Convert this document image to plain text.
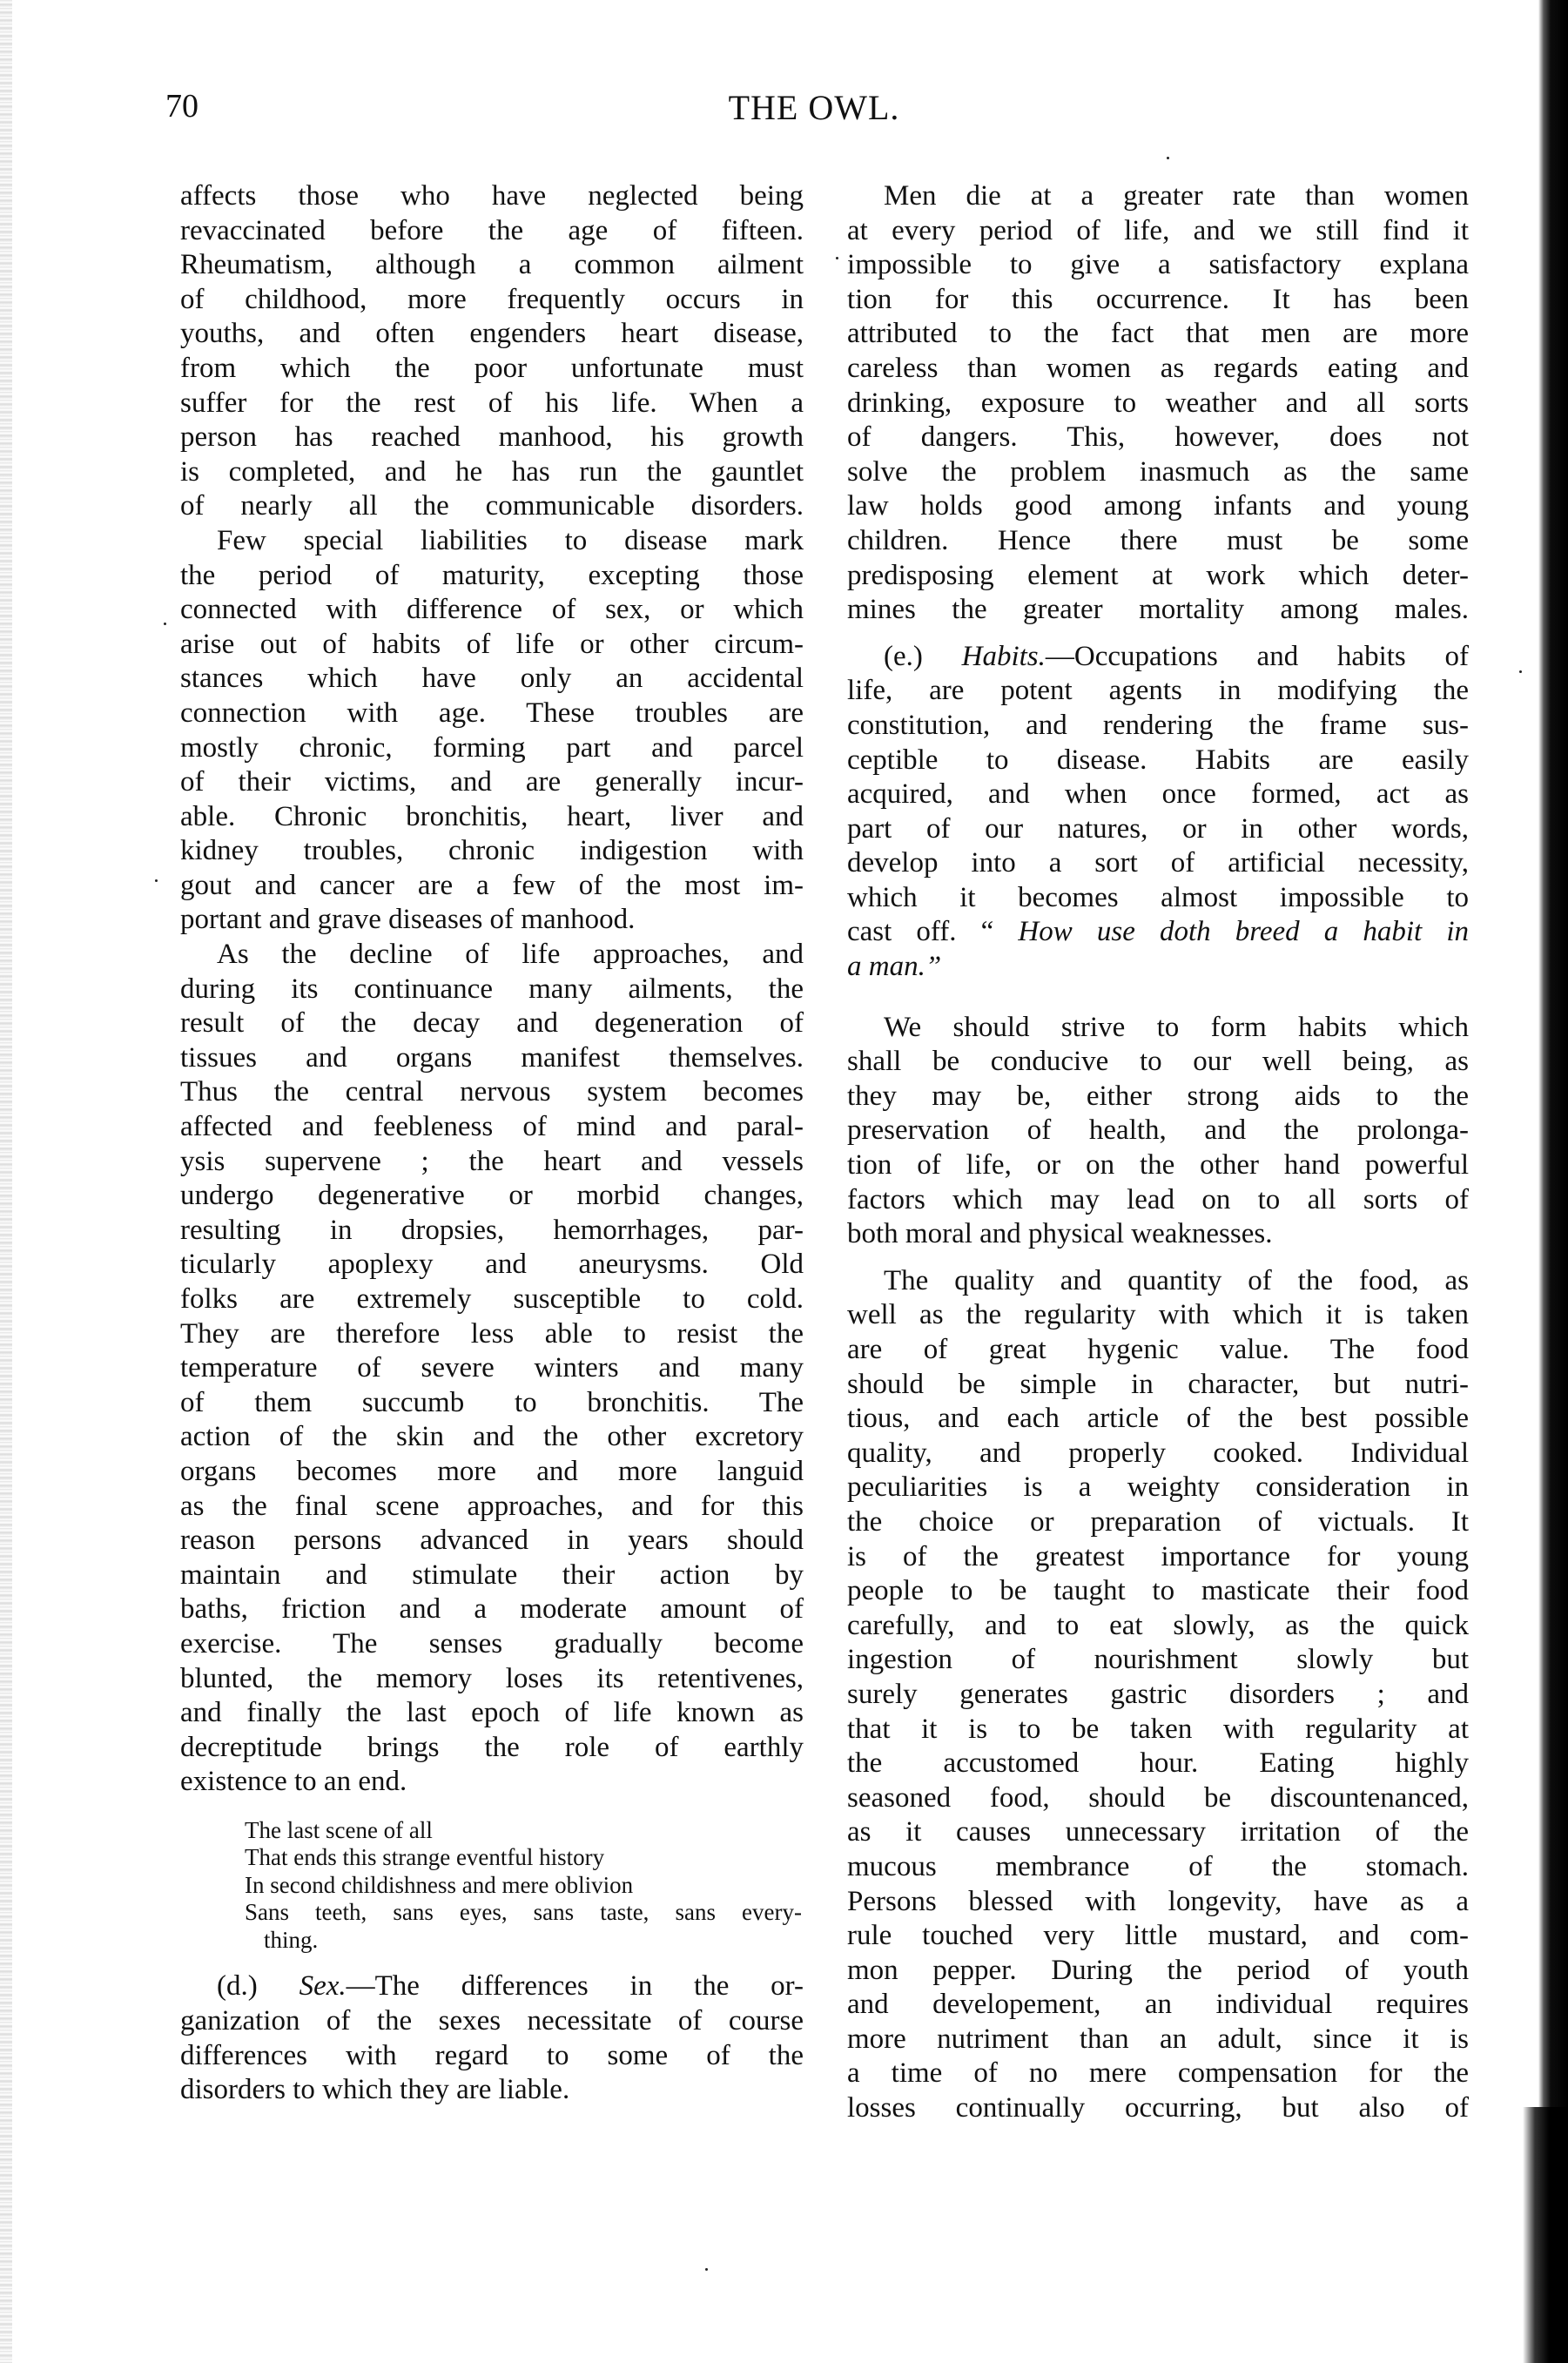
70	THE OWL.
affects those who have neglected being
revaccinated before the age of fifteen.
Rheumatism, although a common ailment
of childhood, more frequently occurs in
youths, and often engenders heart disease,
from which the poor unfortunate must
suffer for the rest of his life. When a
person has reached manhood, his growth
is completed, and he has run the gauntlet
of nearly all the communicable disorders.
Few special liabilities to disease mark
the period of maturity, excepting those
connected with difference of sex, or which
arise out of habits of life or other circum-
stances which have only an accidental
connection with age. These troubles are
mostly chronic, forming part and parcel
of their victims, and are generally incur-
able. Chronic bronchitis, heart, liver and
kidney troubles, chronic indigestion with
gout and cancer are a few of the most im-
portant and grave diseases of manhood.
As the decline of life approaches, and
during its continuance many ailments, the
result of the decay and degeneration of
tissues and organs manifest themselves.
Thus the central nervous system becomes
affected and feebleness of mind and paral-
ysis supervene ; the heart and vessels
undergo degenerative or morbid changes,
resulting in dropsies, hemorrhages, par-
ticularly apoplexy and aneurysms. Old
folks are extremely susceptible to cold.
They are therefore less able to resist the
temperature of severe winters and many
of them succumb to bronchitis. The
action of the skin and the other excretory
organs becomes more and more languid
as the final scene approaches, and for this
reason persons advanced in years should
maintain and stimulate their action by
baths, friction and a moderate amount of
exercise. The senses gradually become
blunted, the memory loses its retentivenes,
and finally the last epoch of life known as
decreptitude brings the role of earthly
existence to an end.
The last scene of all
That ends this strange eventful history
In second childishness and mere oblivion
Sans teeth, sans eyes, sans taste, sans every-
thing.
(d.) Sex.—The differences in the or-
ganization of the sexes necessitate of course
differences with regard to some of the
disorders to which they are liable.
Men die at a greater rate than women
at every period of life, and we still find it
impossible to give a satisfactory explana
tion for this occurrence. It has been
attributed to the fact that men are more
careless than women as regards eating and
drinking, exposure to weather and all sorts
of dangers. This, however, does not
solve the problem inasmuch as the same
law holds good among infants and young
children. Hence there must be some
predisposing element at work which deter-
mines the greater mortality among males.
(e.) Habits.—Occupations and habits of
life, are potent agents in modifying the
constitution, and rendering the frame sus-
ceptible to disease. Habits are easily
acquired, and when once formed, act as
part of our natures, or in other words,
develop into a sort of artificial necessity,
which it becomes almost impossible to
cast off. “ How use doth breed a habit in
a man.”
We should strive to form habits which
shall be conducive to our well being, as
they may be, either strong aids to the
preservation of health, and the prolonga-
tion of life, or on the other hand powerful
factors which may lead on to all sorts of
both moral and physical weaknesses.
The quality and quantity of the food, as
well as the regularity with which it is taken
are of great hygenic value. The food
should be simple in character, but nutri-
tious, and each article of the best possible
quality, and properly cooked. Individual
peculiarities is a weighty consideration in
the choice or preparation of victuals. It
is of the greatest importance for young
people to be taught to masticate their food
carefully, and to eat slowly, as the quick
ingestion of nourishment slowly but
surely generates gastric disorders ; and
that it is to be taken with regularity at
the accustomed hour. Eating highly
seasoned food, should be discountenanced,
as it causes unnecessary irritation of the
mucous membrance of the stomach.
Persons blessed with longevity, have as a
rule touched very little mustard, and com-
mon pepper. During the period of youth
and developement, an individual requires
more nutriment than an adult, since it is
a time of no mere compensation for the
losses continually occurring, but also of
